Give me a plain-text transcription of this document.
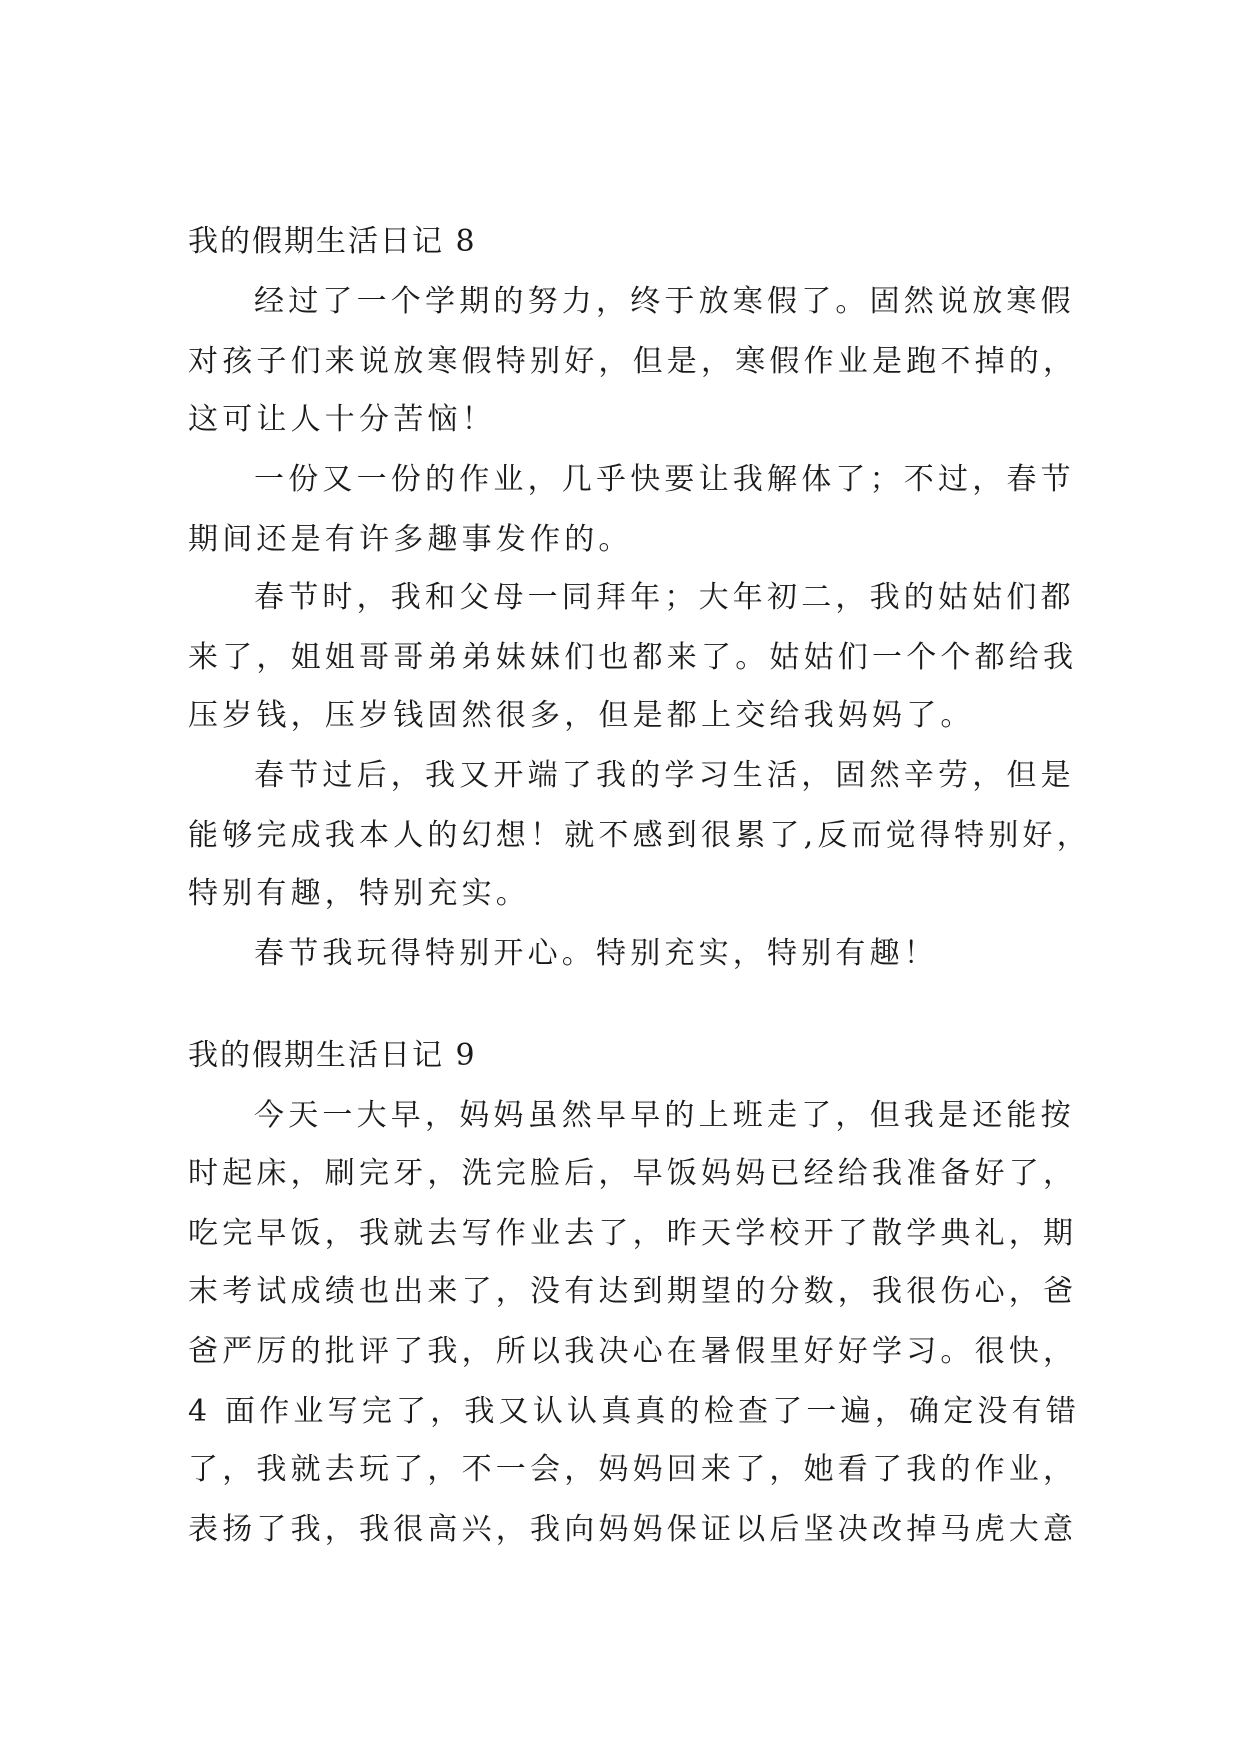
我的假期生活日记 8
经过了一个学期的努力，终于放寒假了。固然说放寒假
对孩子们来说放寒假特别好，但是，寒假作业是跑不掉的，
这可让人十分苦恼！
一份又一份的作业，几乎快要让我解体了；不过，春节
期间还是有许多趣事发作的。
春节时，我和父母一同拜年；大年初二，我的姑姑们都
来了，姐姐哥哥弟弟妹妹们也都来了。姑姑们一个个都给我
压岁钱，压岁钱固然很多，但是都上交给我妈妈了。
春节过后，我又开端了我的学习生活，固然辛劳，但是
能够完成我本人的幻想！就不感到很累了,反而觉得特别好，
特别有趣，特别充实。
春节我玩得特别开心。特别充实，特别有趣！
我的假期生活日记 9
今天一大早，妈妈虽然早早的上班走了，但我是还能按
时起床，刷完牙，洗完脸后，早饭妈妈已经给我准备好了，
吃完早饭，我就去写作业去了，昨天学校开了散学典礼，期
末考试成绩也出来了，没有达到期望的分数，我很伤心，爸
爸严厉的批评了我，所以我决心在暑假里好好学习。很快，
4 面作业写完了，我又认认真真的检查了一遍，确定没有错
了，我就去玩了，不一会，妈妈回来了，她看了我的作业，
表扬了我，我很高兴，我向妈妈保证以后坚决改掉马虎大意
